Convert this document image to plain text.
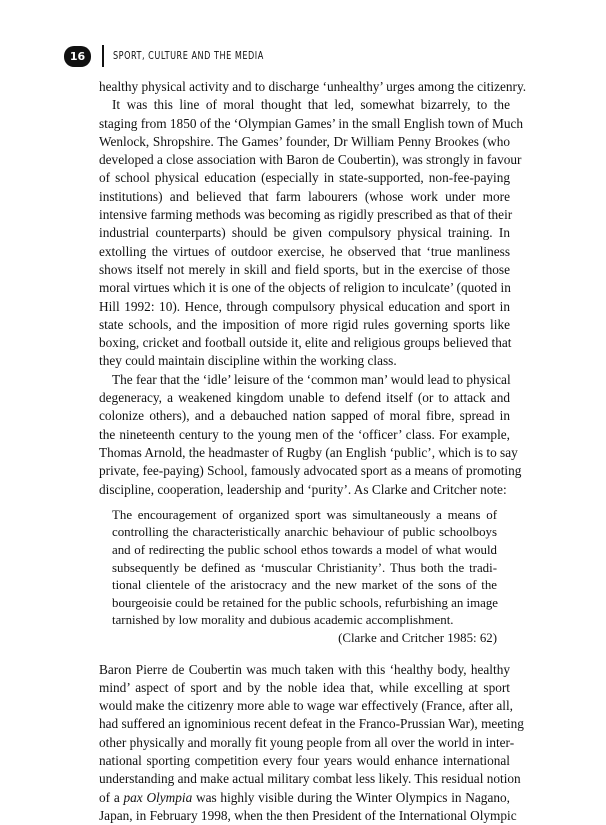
16	SPORT, CULTURE AND THE MEDIA

healthy physical activity and to discharge ‘unhealthy’ urges among the citizenry.

It was this line of moral thought that led, somewhat bizarrely, to the
staging from 1850 of the ‘Olympian Games’ in the small English town of Much
Wenlock, Shropshire. The Games’ founder, Dr William Penny Brookes (who
developed a close association with Baron de Coubertin), was strongly in favour
of school physical education (especially in state-supported, non-fee-paying
institutions) and believed that farm labourers (whose work under more
intensive farming methods was becoming as rigidly prescribed as that of their
industrial counterparts) should be given compulsory physical training. In
extolling the virtues of outdoor exercise, he observed that ‘true manliness
shows itself not merely in skill and field sports, but in the exercise of those
moral virtues which it is one of the objects of religion to inculcate’ (quoted in
Hill 1992: 10). Hence, through compulsory physical education and sport in
state schools, and the imposition of more rigid rules governing sports like
boxing, cricket and football outside it, elite and religious groups believed that
they could maintain discipline within the working class.

The fear that the ‘idle’ leisure of the ‘common man’ would lead to physical
degeneracy, a weakened kingdom unable to defend itself (or to attack and
colonize others), and a debauched nation sapped of moral fibre, spread in
the nineteenth century to the young men of the ‘officer’ class. For example,
Thomas Arnold, the headmaster of Rugby (an English ‘public’, which is to say
private, fee-paying) School, famously advocated sport as a means of promoting
discipline, cooperation, leadership and ‘purity’. As Clarke and Critcher note:

The encouragement of organized sport was simultaneously a means of
controlling the characteristically anarchic behaviour of public schoolboys
and of redirecting the public school ethos towards a model of what would
subsequently be defined as ‘muscular Christianity’. Thus both the tradi-
tional clientele of the aristocracy and the new market of the sons of the
bourgeoisie could be retained for the public schools, refurbishing an image
tarnished by low morality and dubious academic accomplishment.
(Clarke and Critcher 1985: 62)

Baron Pierre de Coubertin was much taken with this ‘healthy body, healthy
mind’ aspect of sport and by the noble idea that, while excelling at sport
would make the citizenry more able to wage war effectively (France, after all,
had suffered an ignominious recent defeat in the Franco-Prussian War), meeting
other physically and morally fit young people from all over the world in inter-
national sporting competition every four years would enhance international
understanding and make actual military combat less likely. This residual notion
of a pax Olympia was highly visible during the Winter Olympics in Nagano,
Japan, in February 1998, when the then President of the International Olympic
